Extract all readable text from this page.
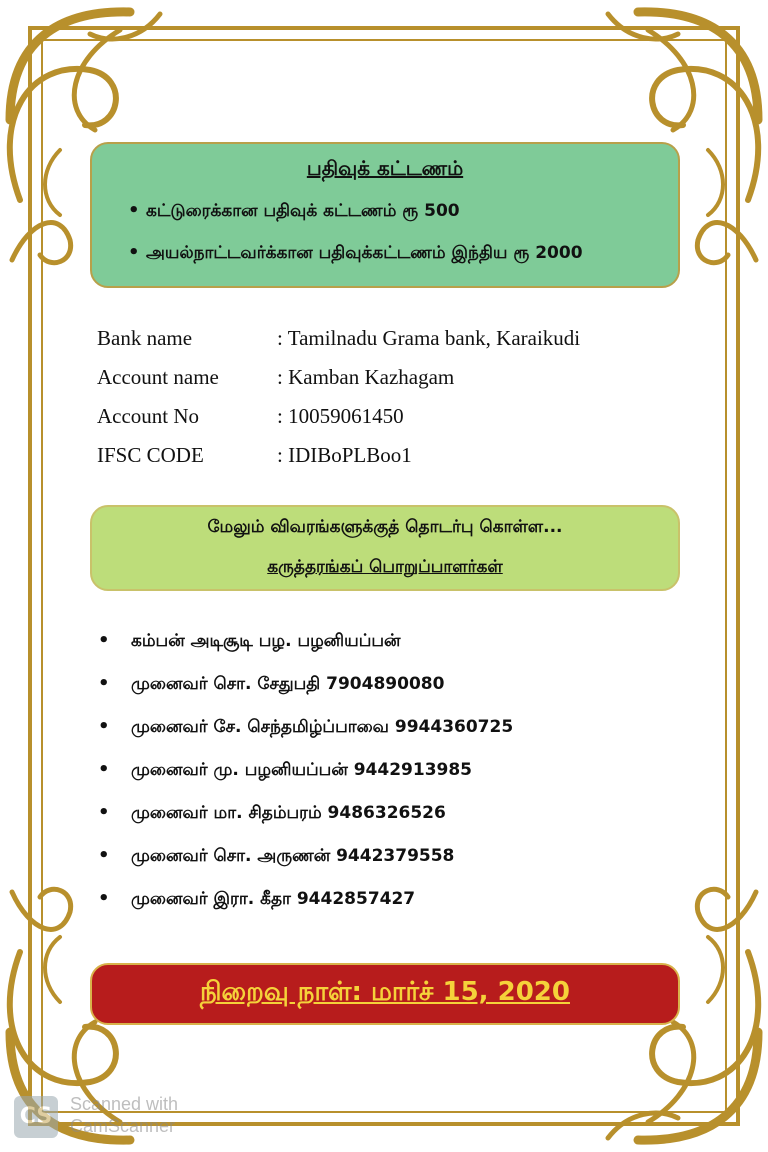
பதிவுக் கட்டணம்
• கட்டுரைக்கான பதிவுக் கட்டணம் ரூ 500
• அயல்நாட்டவர்க்கான பதிவுக்கட்டணம் இந்திய ரூ 2000
Bank name	: Tamilnadu Grama bank, Karaikudi
Account name	: Kamban Kazhagam
Account No	: 10059061450
IFSC CODE	: IDIBoPLBoo1
மேலும் விவரங்களுக்குத் தொடர்பு கொள்ள...
கருத்தரங்கப் பொறுப்பாளர்கள்
• கம்பன் அடிசூடி பழ. பழனியப்பன்
• முனைவர் சொ. சேதுபதி 7904890080
• முனைவர் சே. செந்தமிழ்ப்பாவை 9944360725
• முனைவர் மு. பழனியப்பன் 9442913985
• முனைவர் மா. சிதம்பரம் 9486326526
• முனைவர் சொ. அருணன் 9442379558
• முனைவர் இரா. கீதா 9442857427
நிறைவு நாள்: மார்ச் 15, 2020
CS Scanned with
CamScanner
